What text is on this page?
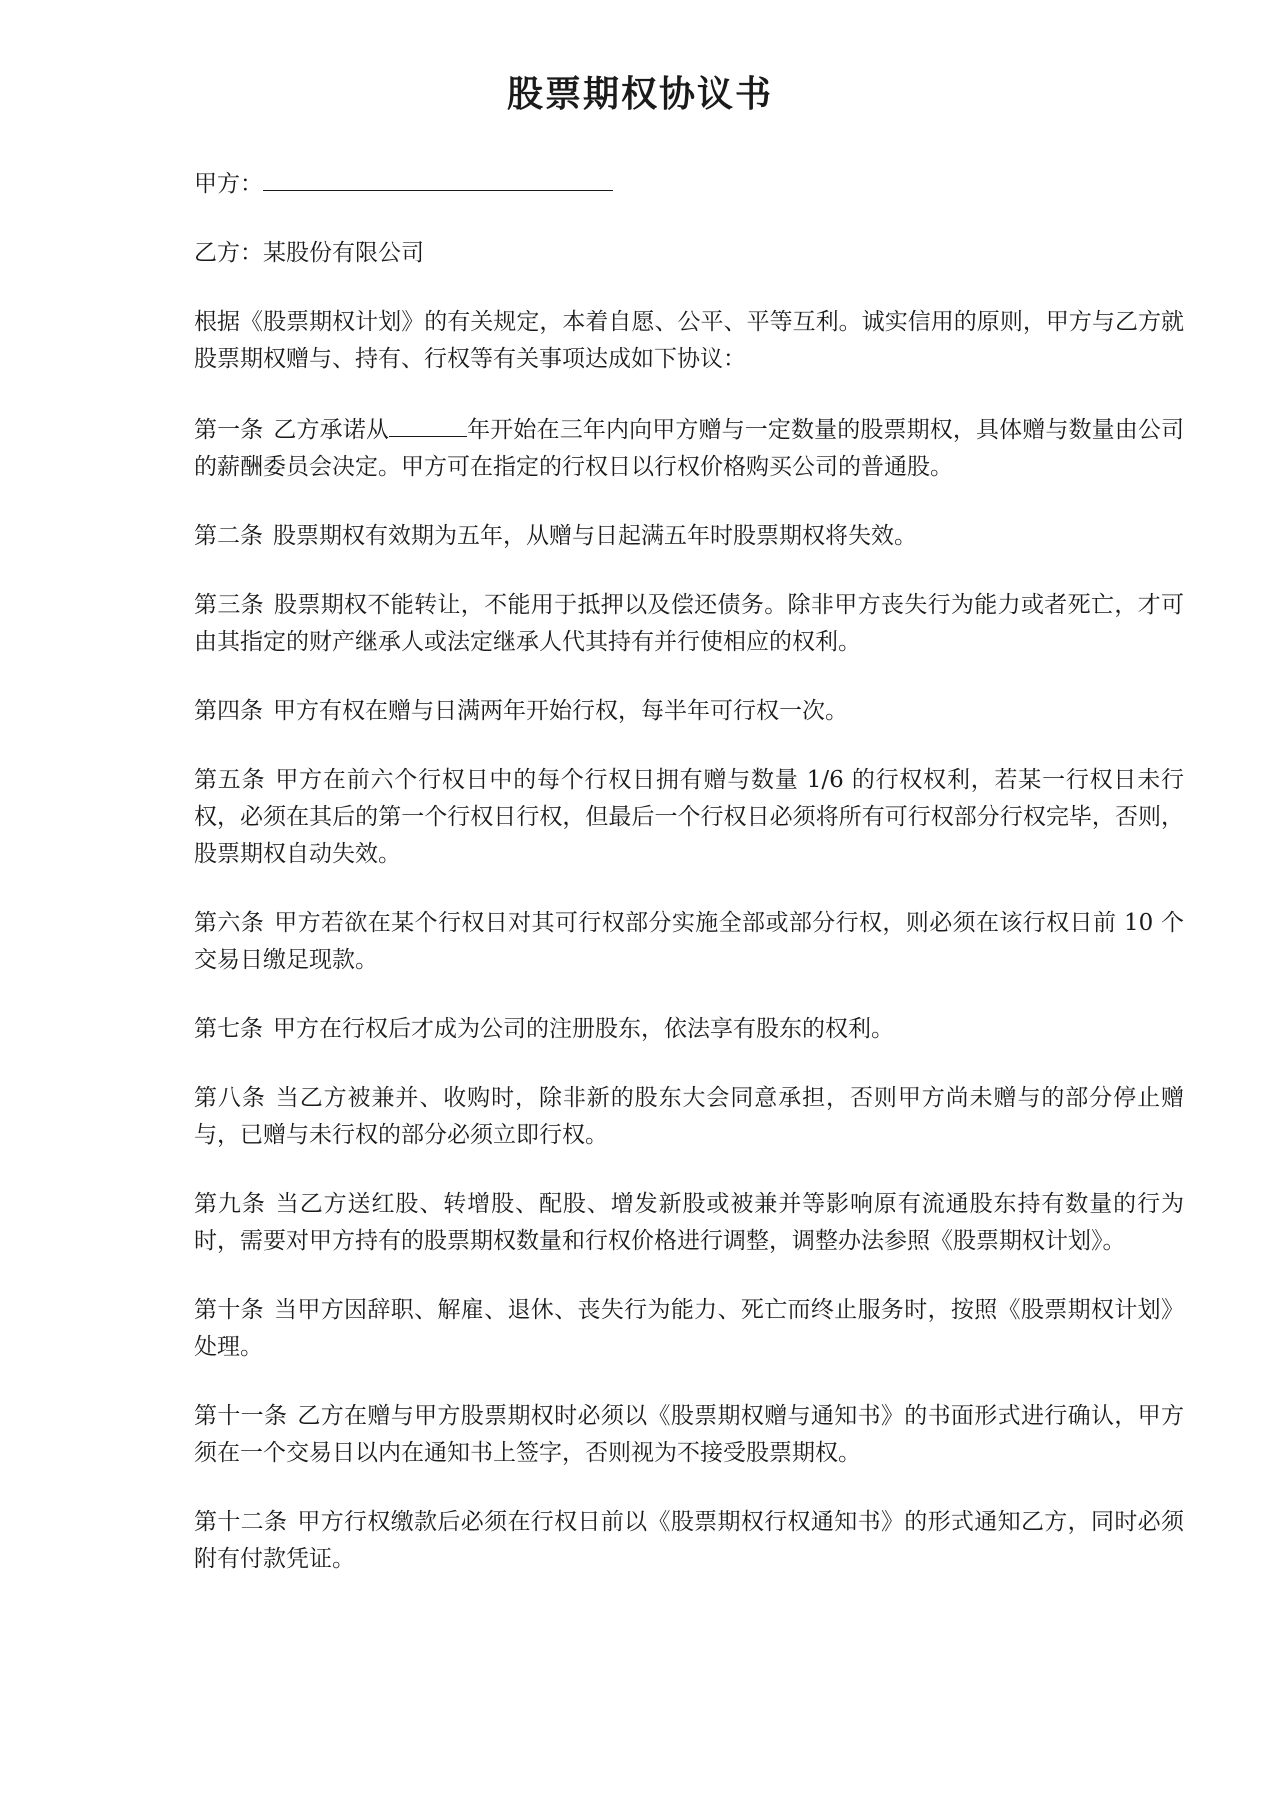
股票期权协议书

甲方：

乙方：某股份有限公司

根据《股票期权计划》的有关规定，本着自愿、公平、平等互利。诚实信用的原则，甲方与乙方就股票期权赠与、持有、行权等有关事项达成如下协议：

第一条 乙方承诺从	年开始在三年内向甲方赠与一定数量的股票期权，具体赠与数量由公司的薪酬委员会决定。甲方可在指定的行权日以行权价格购买公司的普通股。

第二条 股票期权有效期为五年，从赠与日起满五年时股票期权将失效。

第三条 股票期权不能转让，不能用于抵押以及偿还债务。除非甲方丧失行为能力或者死亡，才可由其指定的财产继承人或法定继承人代其持有并行使相应的权利。

第四条 甲方有权在赠与日满两年开始行权，每半年可行权一次。

第五条 甲方在前六个行权日中的每个行权日拥有赠与数量 1/6 的行权权利，若某一行权日未行权，必须在其后的第一个行权日行权，但最后一个行权日必须将所有可行权部分行权完毕，否则，股票期权自动失效。

第六条 甲方若欲在某个行权日对其可行权部分实施全部或部分行权，则必须在该行权日前 10 个交易日缴足现款。

第七条 甲方在行权后才成为公司的注册股东，依法享有股东的权利。

第八条 当乙方被兼并、收购时，除非新的股东大会同意承担，否则甲方尚未赠与的部分停止赠与，已赠与未行权的部分必须立即行权。

第九条 当乙方送红股、转增股、配股、增发新股或被兼并等影响原有流通股东持有数量的行为时，需要对甲方持有的股票期权数量和行权价格进行调整，调整办法参照《股票期权计划》。

第十条 当甲方因辞职、解雇、退休、丧失行为能力、死亡而终止服务时，按照《股票期权计划》处理。

第十一条 乙方在赠与甲方股票期权时必须以《股票期权赠与通知书》的书面形式进行确认，甲方须在一个交易日以内在通知书上签字，否则视为不接受股票期权。

第十二条 甲方行权缴款后必须在行权日前以《股票期权行权通知书》的形式通知乙方，同时必须附有付款凭证。
